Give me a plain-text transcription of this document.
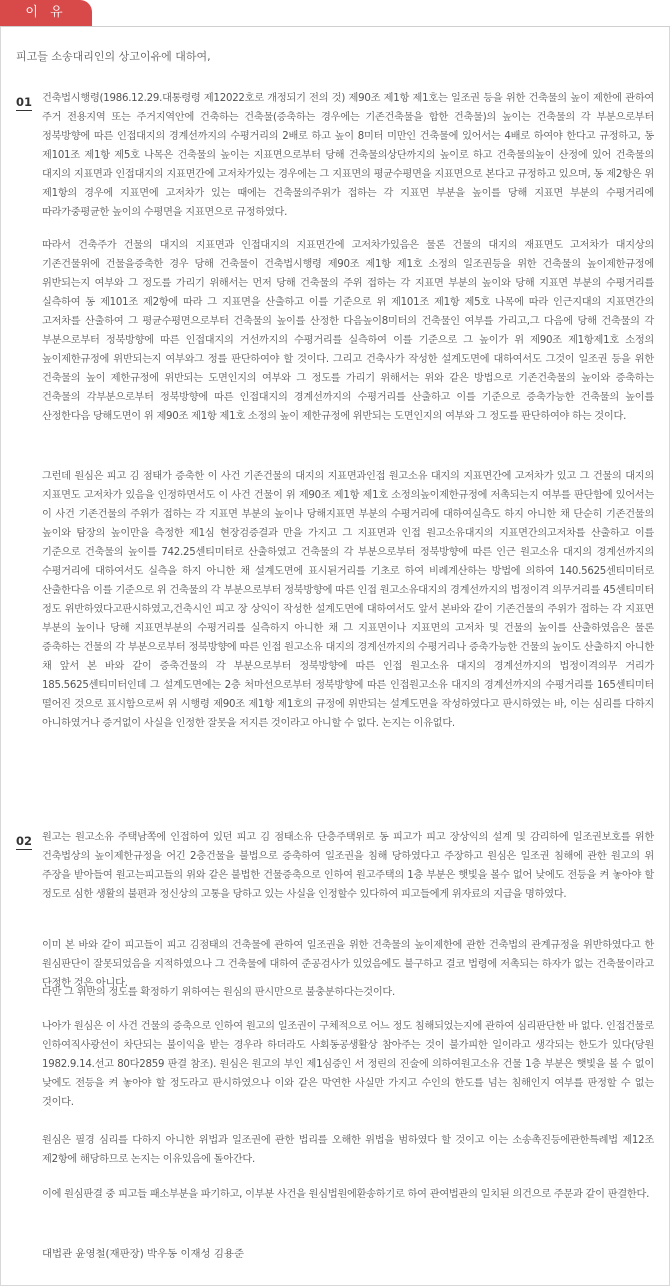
이 유
피고들 소송대리인의 상고이유에 대하여,
01 건축법시행령(1986.12.29.대통령령 제12022호로 개정되기 전의 것) 제90조 제1항 제1호는 일조권 등을 위한 건축물의 높이 제한에 관하여 주거 전용지역 또는 주거지역안에 건축하는 건축물(증축하는 경우에는 기존건축물을 합한 건축물)의 높이는 건축물의 각 부분으로부터 정북방향에 따른 인접대지의 경계선까지의 수평거리의 2배로 하고 높이 8미터 미만인 건축물에 있어서는 4배로 하여야 한다고 규정하고, 동 제101조 제1항 제5호 나목은 건축물의 높이는 지표면으로부터 당해 건축물의상단까지의 높이로 하고 건축물의높이 산정에 있어 건축물의 대지의 지표면과 인접대지의 지표면간에 고저차가있는 경우에는 그 지표면의 평균수평면을 지표면으로 본다고 규정하고 있으며, 동 제2항은 위 제1항의 경우에 지표면에 고저차가 있는 때에는 건축물의주위가 접하는 각 지표면 부분을 높이를 당해 지표면 부분의 수평거리에 따라가중평균한 높이의 수평면을 지표면으로 규정하였다.
따라서 건축주가 건물의 대지의 지표면과 인접대지의 지표면간에 고저차가있음은 물론 건물의 대지의 재표면도 고저차가 대지상의 기존건물위에 건물을증축한 경우 당해 건축물이 건축법시행령 제90조 제1항 제1호 소정의 일조권등을 위한 건축물의 높이제한규정에 위반되는지 여부와 그 정도를 가리기 위해서는 먼저 당해 건축물의 주위 접하는 각 지표면 부분의 높이와 당해 지표면 부분의 수평거리를 실측하여 동 제101조 제2항에 따라 그 지표면을 산출하고 이를 기준으로 위 제101조 제1항 제5호 나목에 따라 인근지대의 지표면간의 고저차를 산출하여 그 평균수평면으로부터 건축물의 높이를 산정한 다음높이8미터의 건축물인 여부를 가리고,그 다음에 당해 건축물의 각 부분으로부터 정북방향에 따른 인접대지의 거선까지의 수평거리를 실측하여 이를 기준으로 그 높이가 위 제90조 제1항제1호 소정의 높이제한규정에 위반되는지 여부와그 정를 판단하여야 할 것이다. 그리고 건축사가 작성한 설계도면에 대하여서도 그것이 일조권 등을 위한 건축물의 높이 제한규정에 위반되는 도면인지의 여부와 그 정도를 가리기 위해서는 위와 같은 방법으로 기존건축물의 높이와 증축하는 건축물의 각부분으로부터 정북방향에 따른 인접대지의 경계선까지의 수평거리를 산출하고 이를 기준으로 증축가능한 건축물의 높이를 산정한다음 당해도면이 위 제90조 제1항 제1호 소정의 높이 제한규정에 위반되는 도면인지의 여부와 그 정도를 판단하여야 하는 것이다.
그런데 원심은 피고 김 점태가 증축한 이 사건 기존건물의 대지의 지표면과인접 원고소유 대지의 지표면간에 고저차가 있고 그 건물의 대지의 지표면도 고저차가 있음을 인정하면서도 이 사건 건물이 위 제90조 제1항 제1호 소정의높이제한규정에 저촉되는지 여부를 판단함에 있어서는 이 사건 기존건물의 주위가 접하는 각 지표면 부분의 높이나 당해지표면 부분의 수평거리에 대하여실측도 하지 아니한 채 단순히 기존건물의 높이와 탐장의 높이만을 측정한 제1심 현장검증결과 만을 가지고 그 지표면과 인접 원고소유대지의 지표면간의고저차를 산출하고 이를 기준으로 건축물의 높이를 742.25센티미터로 산출하였고 건축물의 각 부분으로부터 정북방향에 따른 인근 원고소유 대지의 경계선까지의 수평거리에 대하여서도 실측을 하지 아니한 채 설계도면에 표시된거리를 기초로 하여 비례계산하는 방법에 의하여 140.5625센티미터로 산출한다음 이를 기준으로 위 건축물의 각 부분으로부터 정북방향에 따른 인접 원고소유대지의 경계선까지의 법정이격 의무거리를 45센티미터 정도 위반하였다고판시하였고,건축시인 피고 장 상익이 작성한 설계도면에 대하여서도 앞서 본바와 같이 기존건물의 주위가 접하는 각 지표면 부분의 높이나 당해 지표면부분의 수평거리를 실측하지 아니한 채 그 지표면이나 지표면의 고저차 및 건물의 높이를 산출하였음은 물론 증축하는 건물의 각 부분으로부터 정북방향에 따른 인접 원고소유 대지의 경계선까지의 수평거리나 증축가능한 건물의 높이도 산출하지 아니한 채 앞서 본 바와 같이 증축건물의 각 부분으로부터 정북방향에 따른 인접 원고소유 대지의 경계선까지의 법정이격의무 거리가 185.5625센티미터인데 그 설계도면에는 2층 처마선으로부터 정북방향에 따른 인접원고소유 대지의 경계선까지의 수평거리를 165센티미터 떨어진 것으로 표시함으로써 위 시행령 제90조 제1항 제1호의 규정에 위반되는 설계도면을 작성하였다고 판시하였는 바, 이는 심리를 다하지 아니하였거나 증거없이 사실을 인정한 잘못을 저지른 것이라고 아니할 수 없다. 논지는 이유없다.
02 원고는 원고소유 주택남쪽에 인접하여 있던 피고 김 점태소유 단층주택위로 동 피고가 피고 장상익의 설계 및 감리하에 일조권보호를 위한 건축법상의 높이제한규정을 어긴 2층건물을 불법으로 증축하여 일조권을 침해 당하였다고 주장하고 원심은 일조권 침해에 관한 원고의 위 주장을 받아들여 원고는피고들의 위와 같은 불법한 건물증축으로 인하여 원고주택의 1층 부분은 햇빛을 볼수 없어 낮에도 전등을 켜 놓아야 할 정도로 심한 생활의 불편과 정신상의 고통을 당하고 있는 사실을 인정할수 있다하여 피고들에게 위자료의 지급을 명하였다.
이미 본 바와 같이 피고들이 피고 김점태의 건축물에 관하여 일조권을 위한 건축물의 높이제한에 관한 건축법의 관계규정을 위반하였다고 한 원심판단이 잘못되었음을 지적하였으나 그 건축물에 대하여 준공검사가 있었음에도 불구하고 결코 법령에 저촉되는 하자가 없는 건축물이라고 단정한 것은 아니다.
다만 그 위반의 정도를 확정하기 위하여는 원심의 판시만으로 불충분하다는것이다.
나아가 원심은 이 사건 건물의 증축으로 인하여 원고의 일조권이 구체적으로 어느 정도 침해되었는지에 관하여 심리판단한 바 없다. 인접건물로 인하여직사광선이 차단되는 불이익을 받는 경우라 하더라도 사회동공생활상 참아주는 것이 불가피한 일이라고 생각되는 한도가 있다(당원 1982.9.14.선고 80다2859 판결 참조). 원심은 원고의 부인 제1심증인 서 정린의 진술에 의하여원고소유 건물 1층 부분은 햇빛을 볼 수 없이 낮에도 전등을 켜 놓아야 할 정도라고 판시하였으나 이와 같은 막연한 사실만 가지고 수인의 한도를 넘는 침해인지 여부를 판정할 수 없는 것이다.
원심은 필경 심리를 다하지 아니한 위법과 일조권에 관한 법리를 오해한 위법을 범하였다 할 것이고 이는 소송촉진등에관한특례법 제12조 제2항에 해당하므로 논지는 이유있음에 돌아간다.
이에 원심판결 중 피고들 패소부분을 파기하고, 이부분 사건을 원심법원에환송하기로 하여 관여법관의 일치된 의건으로 주문과 같이 판결한다.
대법관 윤영철(재판장) 박우동 이재성 김용준
